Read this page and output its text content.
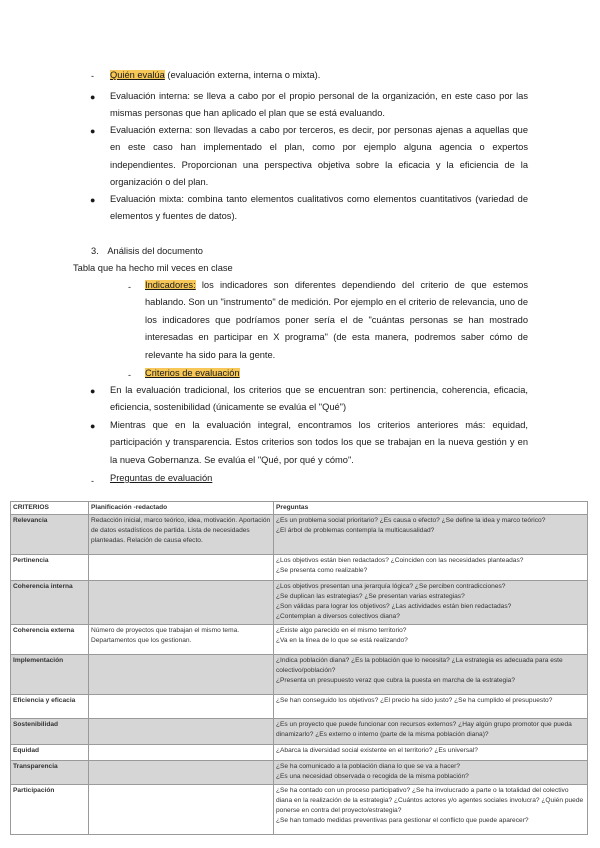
- Quién evalúa (evaluación externa, interna o mixta).
● Evaluación interna: se lleva a cabo por el propio personal de la organización, en este caso por las mismas personas que han aplicado el plan que se está evaluando.
● Evaluación externa: son llevadas a cabo por terceros, es decir, por personas ajenas a aquellas que en este caso han implementado el plan, como por ejemplo alguna agencia o expertos independientes. Proporcionan una perspectiva objetiva sobre la eficacia y la eficiencia de la organización o del plan.
● Evaluación mixta: combina tanto elementos cualitativos como elementos cuantitativos (variedad de elementos y fuentes de datos).
3. Análisis del documento
Tabla que ha hecho mil veces en clase
- Indicadores: los indicadores son diferentes dependiendo del criterio de que estemos hablando. Son un "instrumento" de medición. Por ejemplo en el criterio de relevancia, uno de los indicadores que podríamos poner sería el de "cuántas personas se han mostrado interesadas en participar en X programa" (de esta manera, podremos saber cómo de relevante ha sido para la gente.
- Criterios de evaluación
● En la evaluación tradicional, los criterios que se encuentran son: pertinencia, coherencia, eficacia, eficiencia, sostenibilidad (únicamente se evalúa el "Qué")
● Mientras que en la evaluación integral, encontramos los criterios anteriores más: equidad, participación y transparencia. Estos criterios son todos los que se trabajan en la nueva gestión y en la nueva Gobernanza. Se evalúa el "Qué, por qué y cómo".
- Preguntas de evaluación
CRITERIOS	Planificación -redactado	Preguntas
Relevancia	Redacción inicial, marco teórico, idea, motivación. Aportación de datos estadísticos de partida. Lista de necesidades planteadas. Relación de causa efecto.	¿Es un problema social prioritario? ¿Es causa o efecto? ¿Se define la idea y marco teórico?
¿El árbol de problemas contempla la multicausalidad?

Pertinencia		¿Los objetivos están bien redactados? ¿Coinciden con las necesidades planteadas?
¿Se presenta como realizable?

Coherencia interna		¿Los objetivos presentan una jerarquía lógica? ¿Se perciben contradicciones?
¿Se duplican las estrategias? ¿Se presentan varias estrategias?
¿Son válidas para lograr los objetivos? ¿Las actividades están bien redactadas?
¿Contemplan a diversos colectivos diana?

Coherencia externa	Número de proyectos que trabajan el mismo tema. Departamentos que los gestionan.	¿Existe algo parecido en el mismo territorio?
¿Va en la línea de lo que se está realizando?

Implementación		¿Indica población diana? ¿Es la población que lo necesita? ¿La estrategia es adecuada para este colectivo/población?
¿Presenta un presupuesto veraz que cubra la puesta en marcha de la estrategia?

Eficiencia y eficacia		¿Se han conseguido los objetivos? ¿El precio ha sido justo? ¿Se ha cumplido el presupuesto?

Sostenibilidad		¿Es un proyecto que puede funcionar con recursos externos? ¿Hay algún grupo promotor que pueda dinamizarlo? ¿Es externo o interno (parte de la misma población diana)?

Equidad		¿Abarca la diversidad social existente en el territorio? ¿Es universal?

Transparencia		¿Se ha comunicado a la población diana lo que se va a hacer?
¿Es una necesidad observada o recogida de la misma población?

Participación		¿Se ha contado con un proceso participativo? ¿Se ha involucrado a parte o la totalidad del colectivo diana en la realización de la estrategia? ¿Cuántos actores y/o agentes sociales involucra? ¿Quién puede ponerse en contra del proyecto/estrategia?
¿Se han tomado medidas preventivas para gestionar el conflicto que puede aparecer?
